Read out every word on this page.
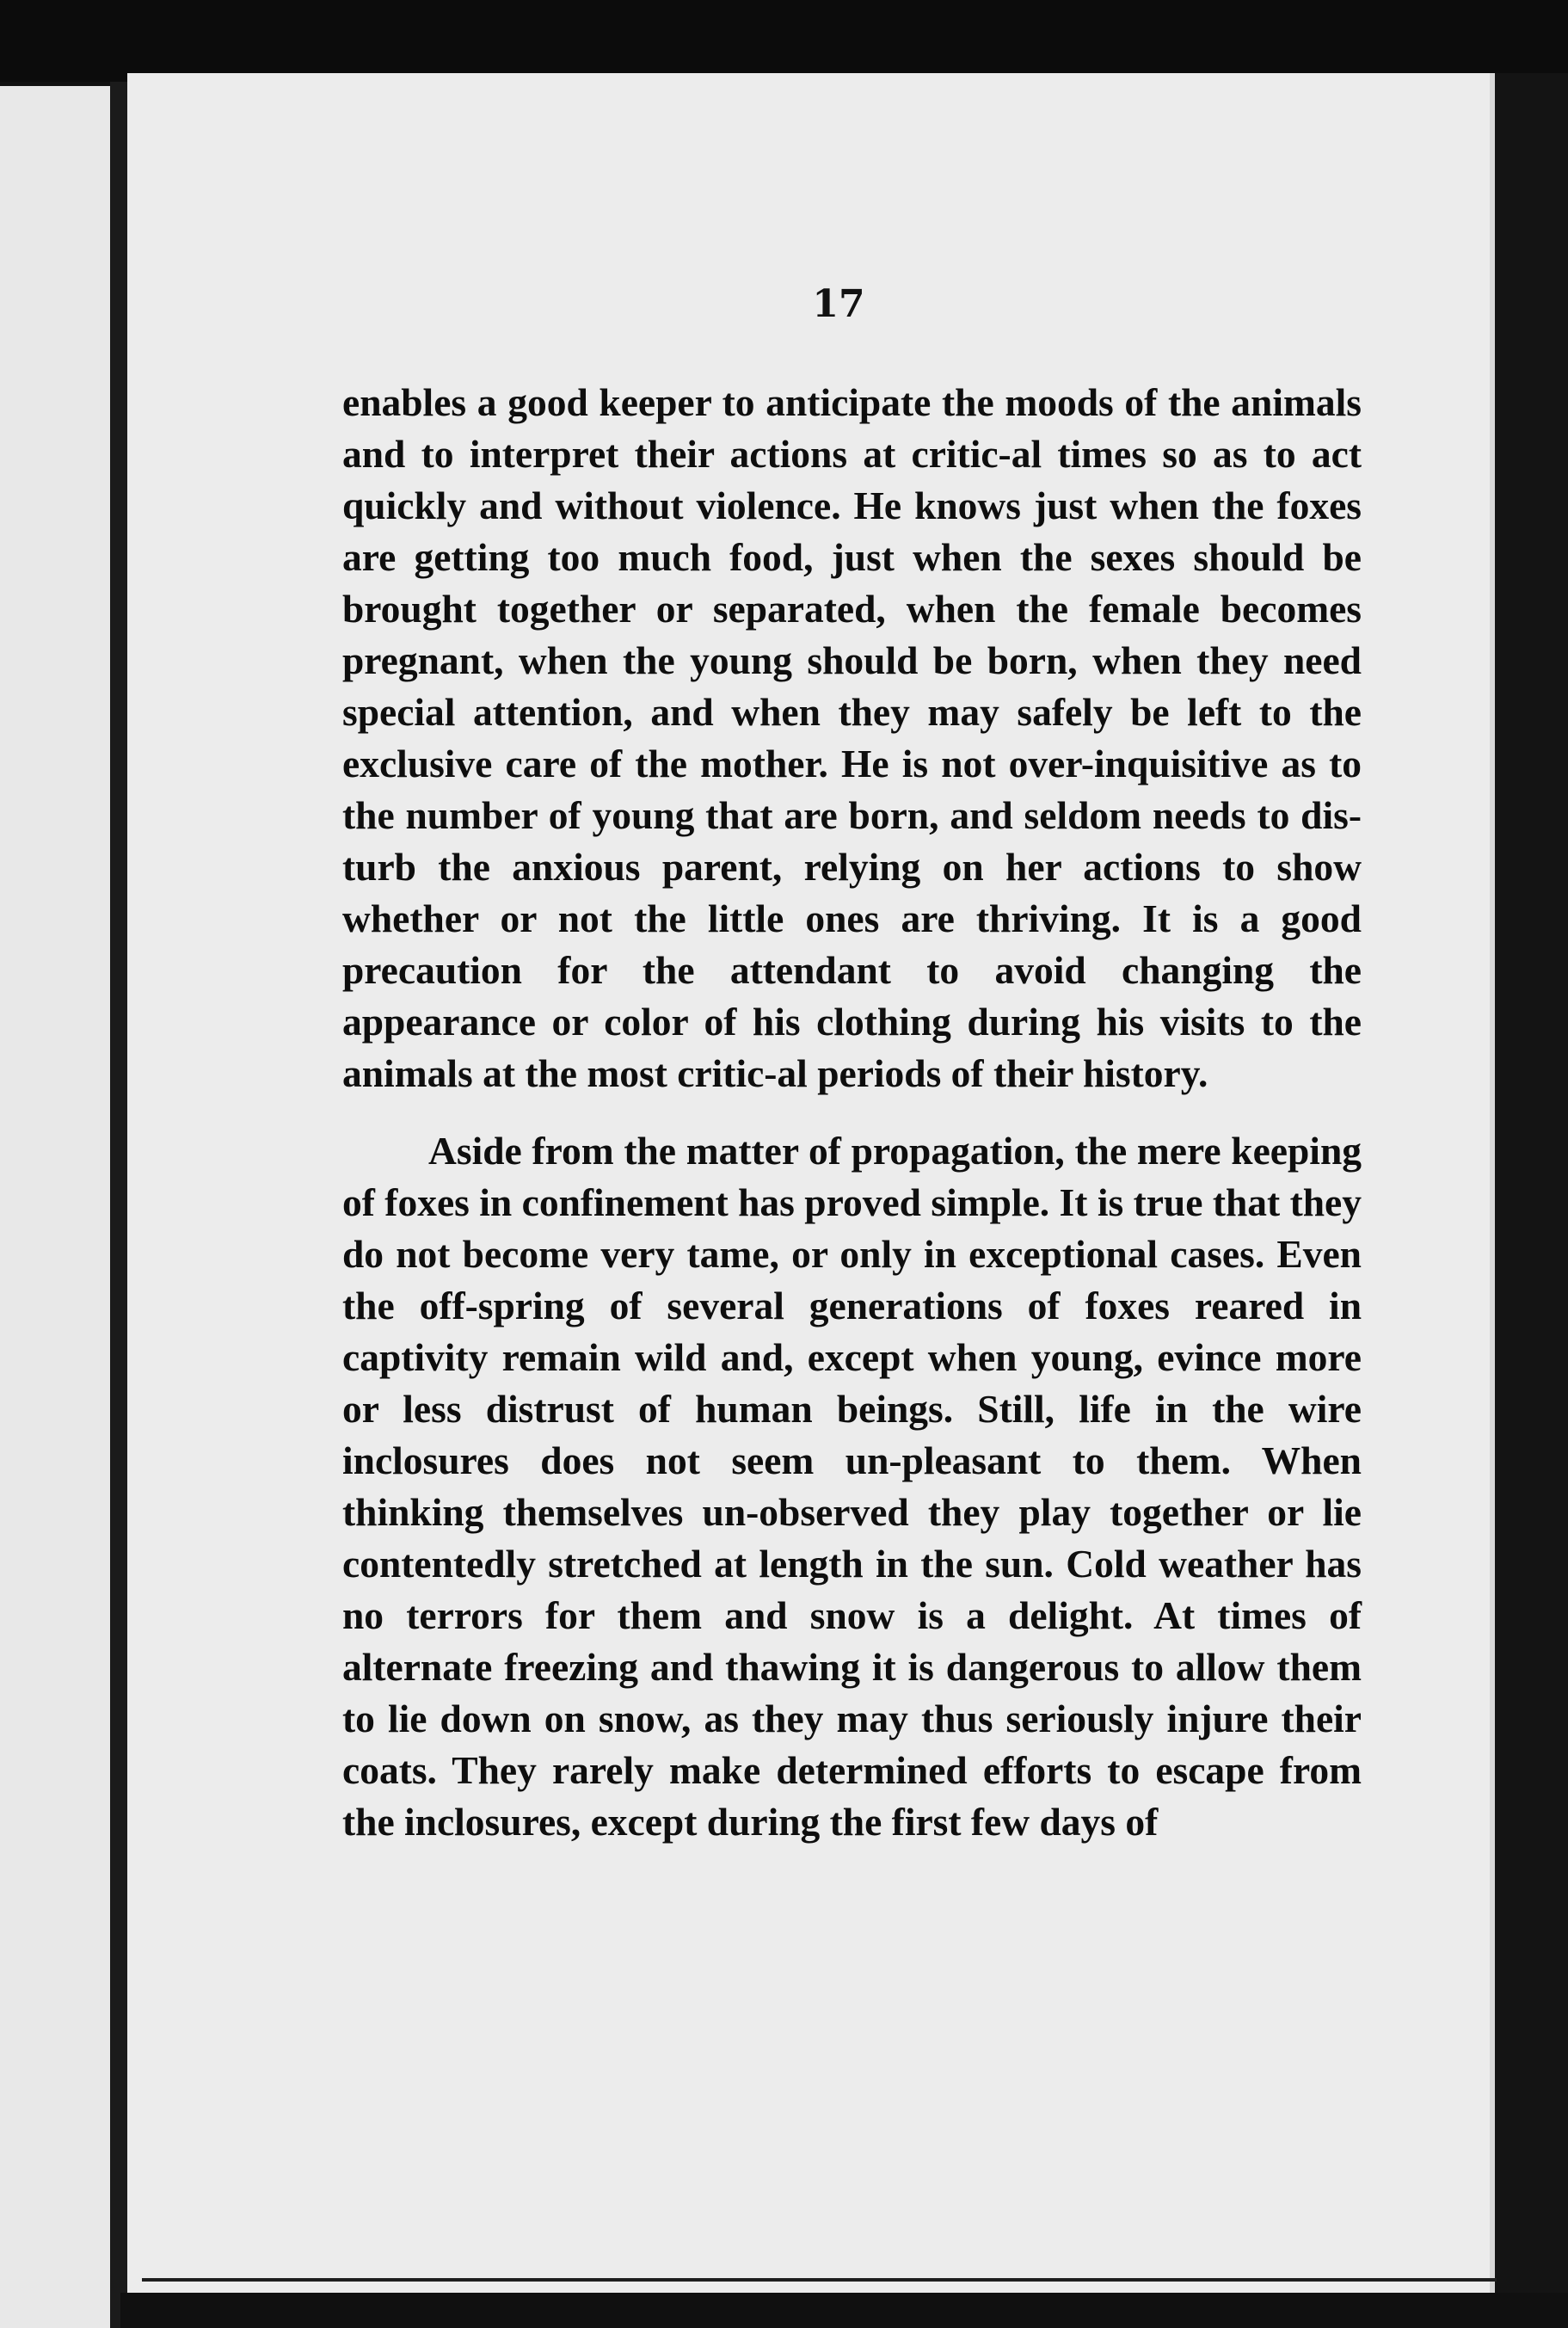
17

enables a good keeper to anticipate the moods of the animals and to interpret their actions at critic-al times so as to act quickly and without violence. He knows just when the foxes are getting too much food, just when the sexes should be brought together or separated, when the female becomes pregnant, when the young should be born, when they need special attention, and when they may safely be left to the exclusive care of the mother. He is not over-inquisitive as to the number of young that are born, and seldom needs to dis-turb the anxious parent, relying on her actions to show whether or not the little ones are thriving. It is a good precaution for the attendant to avoid changing the appearance or color of his clothing during his visits to the animals at the most critic-al periods of their history.

Aside from the matter of propagation, the mere keeping of foxes in confinement has proved simple. It is true that they do not become very tame, or only in exceptional cases. Even the off-spring of several generations of foxes reared in captivity remain wild and, except when young, evince more or less distrust of human beings. Still, life in the wire inclosures does not seem un-pleasant to them. When thinking themselves un-observed they play together or lie contentedly stretched at length in the sun. Cold weather has no terrors for them and snow is a delight. At times of alternate freezing and thawing it is dangerous to allow them to lie down on snow, as they may thus seriously injure their coats. They rarely make determined efforts to escape from the inclosures, except during the first few days of
